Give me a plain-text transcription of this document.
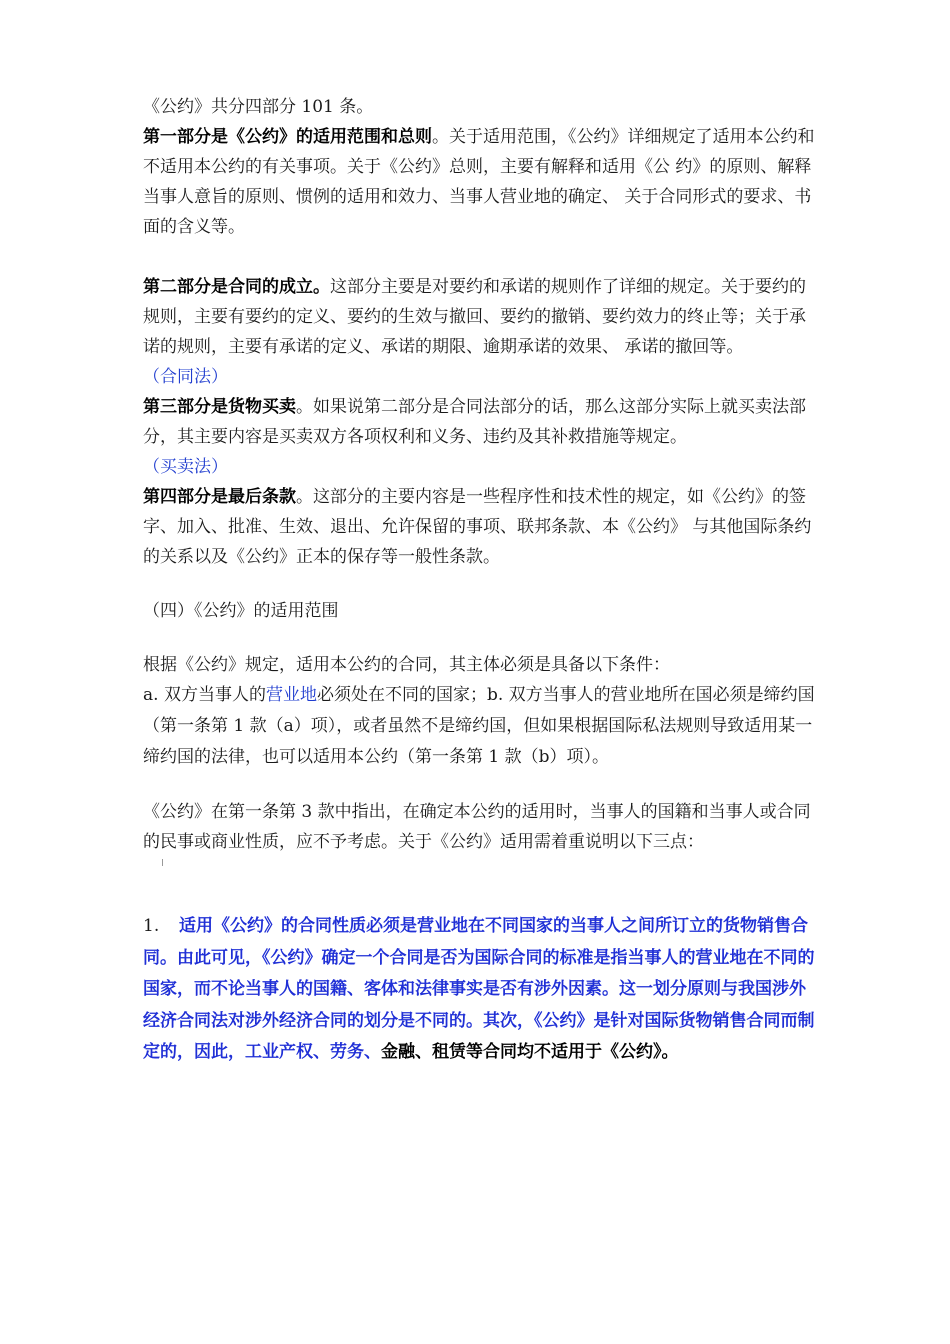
《公约》共分四部分 101 条。

第一部分是《公约》的适用范围和总则。关于适用范围，《公约》详细规定了适用本公约和不适用本公约的有关事项。关于《公约》总则，主要有解释和适用《公 约》的原则、解释当事人意旨的原则、惯例的适用和效力、当事人营业地的确定、 关于合同形式的要求、书面的含义等。

第二部分是合同的成立。这部分主要是对要约和承诺的规则作了详细的规定。关于要约的规则，主要有要约的定义、要约的生效与撤回、要约的撤销、要约效力的终止等；关于承诺的规则，主要有承诺的定义、承诺的期限、逾期承诺的效果、 承诺的撤回等。（合同法）

第三部分是货物买卖。如果说第二部分是合同法部分的话，那么这部分实际上就买卖法部分，其主要内容是买卖双方各项权利和义务、违约及其补救措施等规定。

（买卖法）

第四部分是最后条款。这部分的主要内容是一些程序性和技术性的规定，如《公约》的签字、加入、批准、生效、退出、允许保留的事项、联邦条款、本《公约》 与其他国际条约的关系以及《公约》正本的保存等一般性条款。

（四）《公约》的适用范围

根据《公约》规定，适用本公约的合同，其主体必须是具备以下条件：

a. 双方当事人的营业地必须处在不同的国家；b. 双方当事人的营业地所在国必须是缔约国（第一条第 1 款（a）项），或者虽然不是缔约国，但如果根据国际私法规则导致适用某一缔约国的法律，也可以适用本公约（第一条第 1 款（b）项）。

《公约》在第一条第 3 款中指出，在确定本公约的适用时，当事人的国籍和当事人或合同的民事或商业性质，应不予考虑。关于《公约》适用需着重说明以下三点：

1. 适用《公约》的合同性质必须是营业地在不同国家的当事人之间所订立的货物销售合同。由此可见，《公约》确定一个合同是否为国际合同的标准是指当事人的营业地在不同的国家，而不论当事人的国籍、客体和法律事实是否有涉外因素。这一划分原则与我国涉外经济合同法对涉外经济合同的划分是不同的。其次，《公约》是针对国际货物销售合同而制定的，因此，工业产权、劳务、金融、租赁等合同均不适用于《公约》。
